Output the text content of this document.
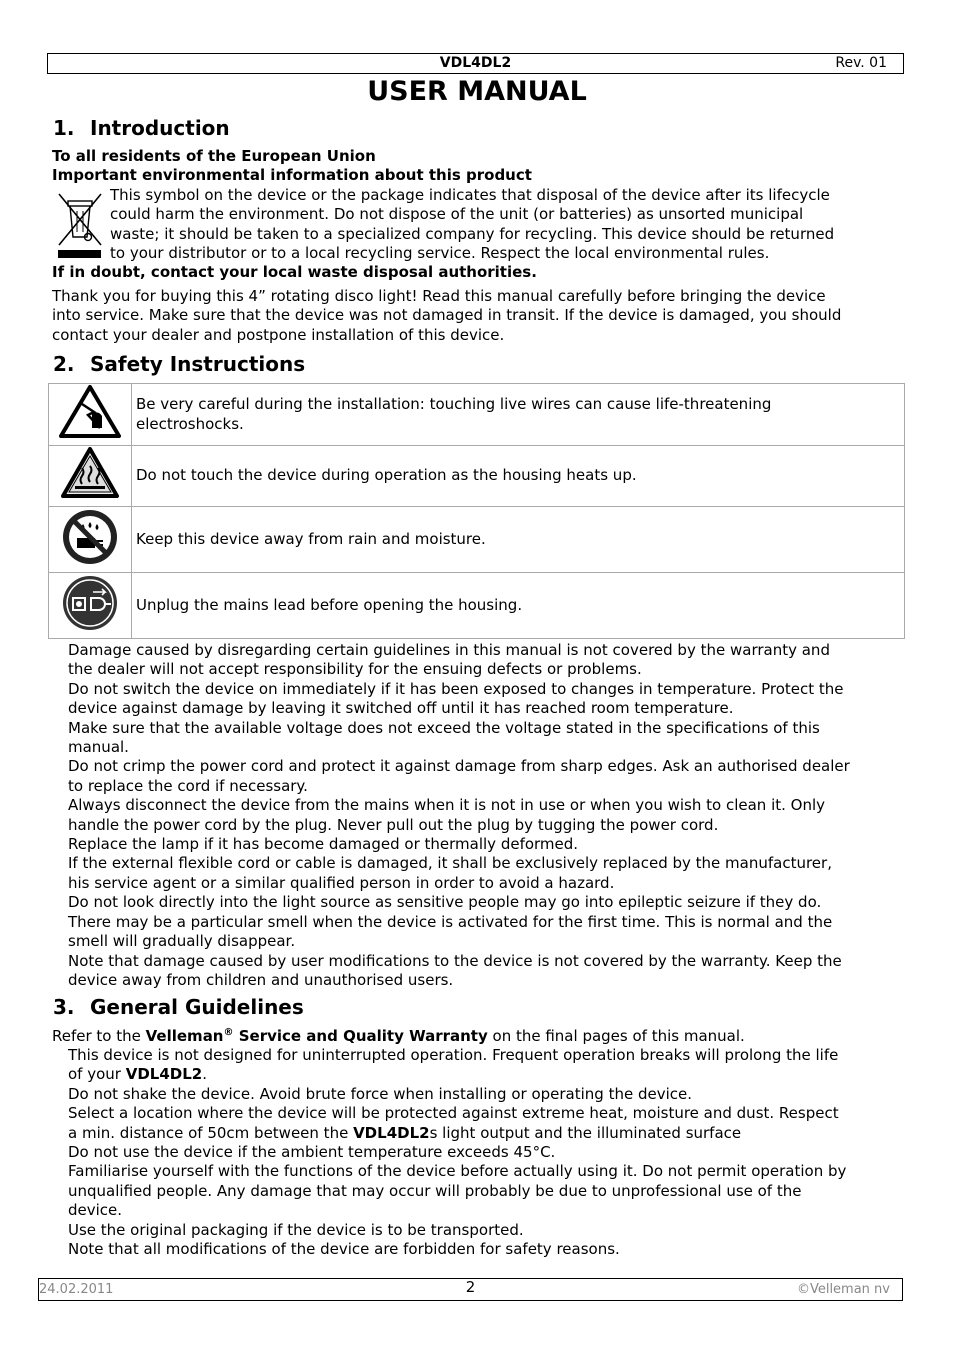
VDL4DL2	Rev. 01
USER MANUAL
1. Introduction
To all residents of the European Union
Important environmental information about this product
This symbol on the device or the package indicates that disposal of the device after its lifecycle
could harm the environment. Do not dispose of the unit (or batteries) as unsorted municipal
waste; it should be taken to a specialized company for recycling. This device should be returned
to your distributor or to a local recycling service. Respect the local environmental rules.
If in doubt, contact your local waste disposal authorities.
Thank you for buying this 4” rotating disco light! Read this manual carefully before bringing the device
into service. Make sure that the device was not damaged in transit. If the device is damaged, you should
contact your dealer and postpone installation of this device.
2. Safety Instructions

Be very careful during the installation: touching live wires can cause life-threatening
electroshocks.

Do not touch the device during operation as the housing heats up.

Keep this device away from rain and moisture.

Unplug the mains lead before opening the housing.
Damage caused by disregarding certain guidelines in this manual is not covered by the warranty and
the dealer will not accept responsibility for the ensuing defects or problems.
Do not switch the device on immediately if it has been exposed to changes in temperature. Protect the
device against damage by leaving it switched off until it has reached room temperature.
Make sure that the available voltage does not exceed the voltage stated in the specifications of this
manual.
Do not crimp the power cord and protect it against damage from sharp edges. Ask an authorised dealer
to replace the cord if necessary.
Always disconnect the device from the mains when it is not in use or when you wish to clean it. Only
handle the power cord by the plug. Never pull out the plug by tugging the power cord.
Replace the lamp if it has become damaged or thermally deformed.
If the external flexible cord or cable is damaged, it shall be exclusively replaced by the manufacturer,
his service agent or a similar qualified person in order to avoid a hazard.
Do not look directly into the light source as sensitive people may go into epileptic seizure if they do.
There may be a particular smell when the device is activated for the first time. This is normal and the
smell will gradually disappear.
Note that damage caused by user modifications to the device is not covered by the warranty. Keep the
device away from children and unauthorised users.
3. General Guidelines
Refer to the Velleman® Service and Quality Warranty on the final pages of this manual.
This device is not designed for uninterrupted operation. Frequent operation breaks will prolong the life
of your VDL4DL2.
Do not shake the device. Avoid brute force when installing or operating the device.
Select a location where the device will be protected against extreme heat, moisture and dust. Respect
a min. distance of 50cm between the VDL4DL2s light output and the illuminated surface
Do not use the device if the ambient temperature exceeds 45°C.
Familiarise yourself with the functions of the device before actually using it. Do not permit operation by
unqualified people. Any damage that may occur will probably be due to unprofessional use of the
device.
Use the original packaging if the device is to be transported.
Note that all modifications of the device are forbidden for safety reasons.
24.02.2011	2	©Velleman nv
